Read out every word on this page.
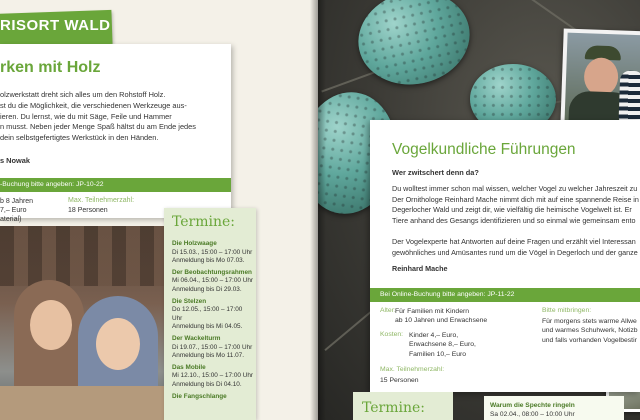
RISORT WALD
rken mit Holz

olzwerkstatt dreht sich alles um den Rohstoff Holz.
st du die Möglichkeit, die verschiedenen Werkzeuge aus-
ieren. Du lernst, wie du mit Säge, Feile und Hammer
n musst. Neben jeder Menge Spaß hältst du am Ende jedes
dein selbstgefertigtes Werkstück in den Händen.

s Nowak
-Buchung bitte angeben: JP-10-22
b 8 Jahren
7,– Euro
aterial)
Max. Teilnehmerzahl:
18 Personen
Termine:
Die Holzwaage
Di 15.03., 15:00 – 17:00 Uhr
Anmeldung bis Mo 07.03.
Der Beobachtungsrahmen
Mi 06.04., 15:00 – 17:00 Uhr
Anmeldung bis Di 29.03.
Die Stelzen
Do 12.05., 15:00 – 17:00 Uhr
Anmeldung bis Mi 04.05.
Der Wackelturm
Di 19.07., 15:00 – 17:00 Uhr
Anmeldung bis Mo 11.07.
Das Mobile
Mi 12.10., 15:00 – 17:00 Uhr
Anmeldung bis Di 04.10.
Die Fangschlange
Vogelkundliche Führungen
Wer zwitschert denn da?

Du wolltest immer schon mal wissen, welcher Vogel zu welcher Jahreszeit zu
Der Ornithologe Reinhard Mache nimmt dich mit auf eine spannende Reise in
Degerlocher Wald und zeigt dir, wie vielfältig die heimische Vogelwelt ist. Er
Tiere anhand des Gesangs identifizieren und so einmal wie gemeinsam ento

Der Vogelexperte hat Antworten auf deine Fragen und erzählt viel Interessan
gewöhnliches und Amüsantes rund um die Vögel in Degerloch und der ganze

Reinhard Mache
Bei Online-Buchung bitte angeben: JP-11-22
Alter: Für Familien mit Kindern
ab 10 Jahren und Erwachsene
Kosten: Kinder 4,– Euro,
Erwachsene 8,– Euro,
Familien 10,– Euro
Max. Teilnehmerzahl:
15 Personen
Bitte mitbringen:
Für morgens stets warme Allwe
und warmes Schuhwerk, Notizb
und falls vorhanden Vogelbestir
Termine:	Warum die Spechte ringeln
Sa 02.04., 08:00 – 10:00 Uhr
